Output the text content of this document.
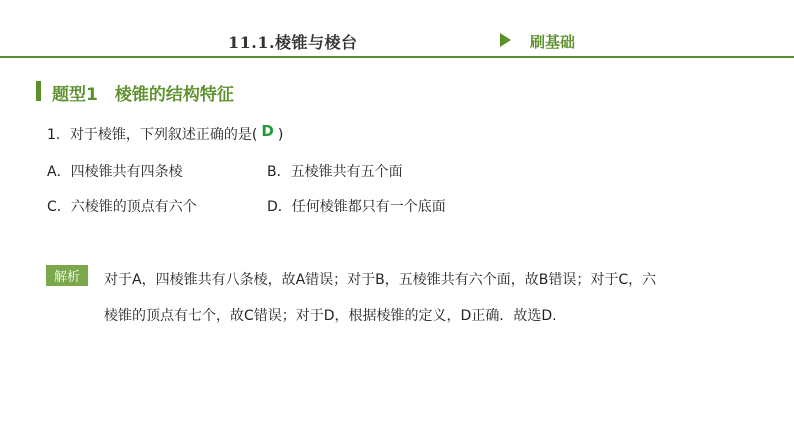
11.1.棱锥与棱台	刷基础
题型1　棱锥的结构特征
1．对于棱锥，下列叙述正确的是( D )
A．四棱锥共有四条棱	B．五棱锥共有五个面
C．六棱锥的顶点有六个	D．任何棱锥都只有一个底面
解析	对于A，四棱锥共有八条棱，故A错误；对于B，五棱锥共有六个面，故B错误；对于C，六
棱锥的顶点有七个，故C错误；对于D，根据棱锥的定义，D正确．故选D.
